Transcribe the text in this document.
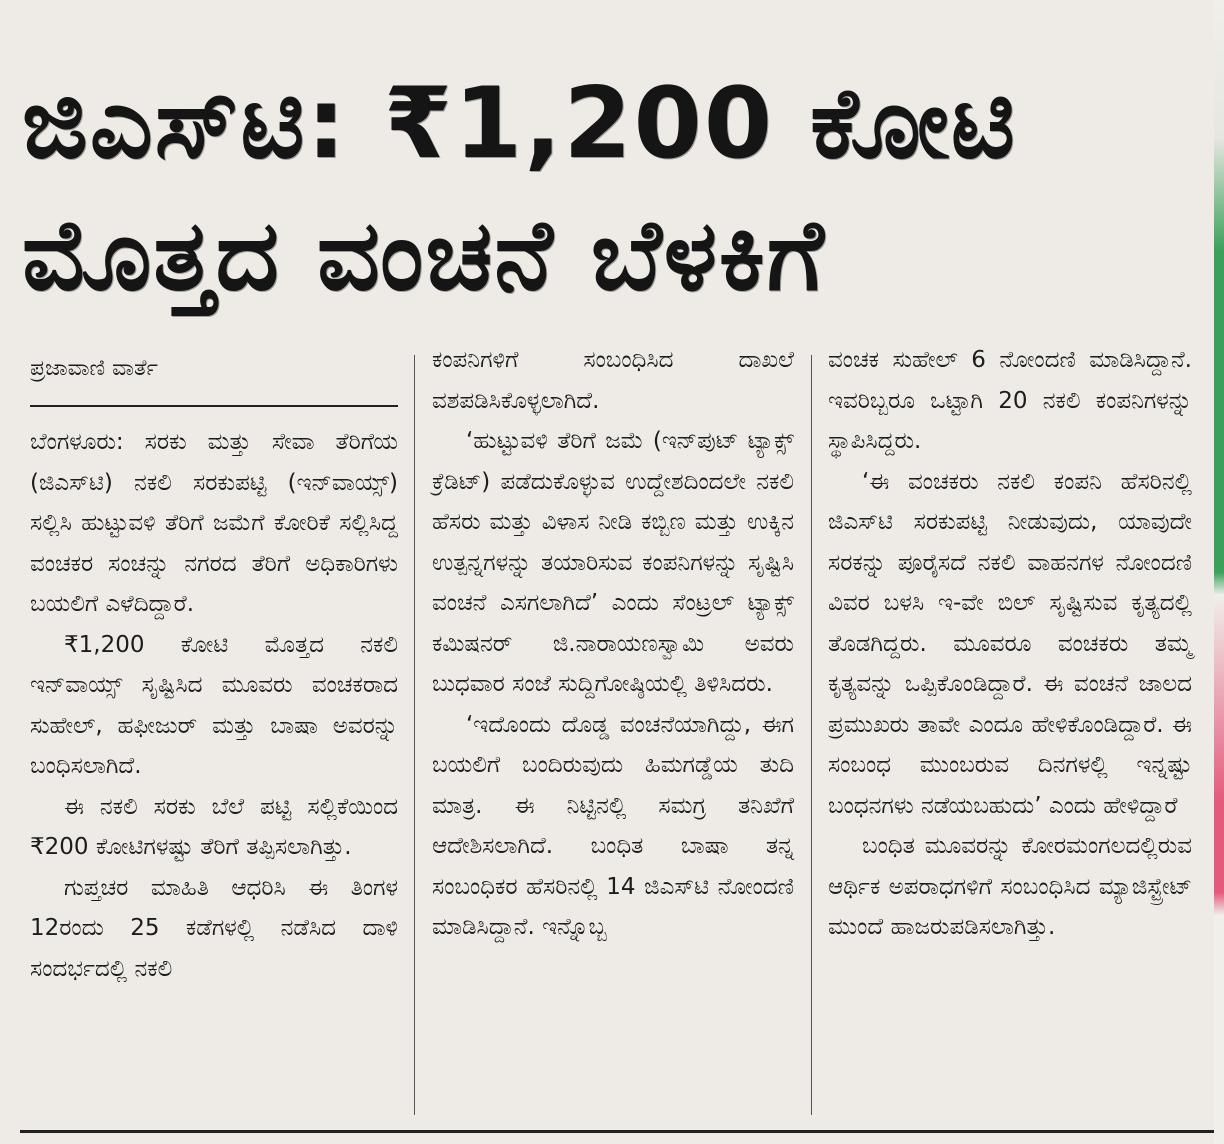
ಜಿಎಸ್‌ಟಿ: ₹1,200 ಕೋಟಿ
ಮೊತ್ತದ ವಂಚನೆ ಬೆಳಕಿಗೆ
ಪ್ರಜಾವಾಣಿ ವಾರ್ತೆ

ಬೆಂಗಳೂರು: ಸರಕು ಮತ್ತು ಸೇವಾ ತೆರಿಗೆಯ (ಜಿಎಸ್‌ಟಿ) ನಕಲಿ ಸರಕುಪಟ್ಟಿ (ಇನ್‌ವಾಯ್ಸ್) ಸಲ್ಲಿಸಿ ಹುಟ್ಟುವಳಿ ತೆರಿಗೆ ಜಮೆಗೆ ಕೋರಿಕೆ ಸಲ್ಲಿಸಿದ್ದ ವಂಚಕರ ಸಂಚನ್ನು ನಗರದ ತೆರಿಗೆ ಅಧಿಕಾರಿಗಳು ಬಯಲಿಗೆ ಎಳೆದಿದ್ದಾರೆ.

₹1,200 ಕೋಟಿ ಮೊತ್ತದ ನಕಲಿ ಇನ್‌ವಾಯ್ಸ್ ಸೃಷ್ಟಿಸಿದ ಮೂವರು ವಂಚಕರಾದ ಸುಹೇಲ್, ಹಫೀಜುರ್ ಮತ್ತು ಬಾಷಾ ಅವರನ್ನು ಬಂಧಿಸಲಾಗಿದೆ.

ಈ ನಕಲಿ ಸರಕು ಬೆಲೆ ಪಟ್ಟಿ ಸಲ್ಲಿಕೆಯಿಂದ ₹200 ಕೋಟಿಗಳಷ್ಟು ತೆರಿಗೆ ತಪ್ಪಿಸಲಾಗಿತ್ತು.

ಗುಪ್ತಚರ ಮಾಹಿತಿ ಆಧರಿಸಿ ಈ ತಿಂಗಳ 12ರಂದು 25 ಕಡೆಗಳಲ್ಲಿ ನಡೆಸಿದ ದಾಳಿ ಸಂದರ್ಭದಲ್ಲಿ ನಕಲಿ

ಕಂಪನಿಗಳಿಗೆ ಸಂಬಂಧಿಸಿದ ದಾಖಲೆ ವಶಪಡಿಸಿಕೊಳ್ಳಲಾಗಿದೆ.

‘ಹುಟ್ಟುವಳಿ ತೆರಿಗೆ ಜಮೆ (ಇನ್‌ಪುಟ್ ಟ್ಯಾಕ್ಸ್ ಕ್ರೆಡಿಟ್) ಪಡೆದುಕೊಳ್ಳುವ ಉದ್ದೇಶದಿಂದಲೇ ನಕಲಿ ಹೆಸರು ಮತ್ತು ವಿಳಾಸ ನೀಡಿ ಕಬ್ಬಿಣ ಮತ್ತು ಉಕ್ಕಿನ ಉತ್ಪನ್ನಗಳನ್ನು ತಯಾರಿಸುವ ಕಂಪನಿಗಳನ್ನು ಸೃಷ್ಟಿಸಿ ವಂಚನೆ ಎಸಗಲಾಗಿದೆ’ ಎಂದು ಸೆಂಟ್ರಲ್ ಟ್ಯಾಕ್ಸ್ ಕಮಿಷನರ್ ಜಿ.ನಾರಾಯಣಸ್ವಾಮಿ ಅವರು ಬುಧವಾರ ಸಂಜೆ ಸುದ್ದಿಗೋಷ್ಠಿಯಲ್ಲಿ ತಿಳಿಸಿದರು.

‘ಇದೊಂದು ದೊಡ್ಡ ವಂಚನೆಯಾಗಿದ್ದು, ಈಗ ಬಯಲಿಗೆ ಬಂದಿರುವುದು ಹಿಮಗಡ್ಡೆಯ ತುದಿ ಮಾತ್ರ. ಈ ನಿಟ್ಟಿನಲ್ಲಿ ಸಮಗ್ರ ತನಿಖೆಗೆ ಆದೇಶಿಸಲಾಗಿದೆ. ಬಂಧಿತ ಬಾಷಾ ತನ್ನ ಸಂಬಂಧಿಕರ ಹೆಸರಿನಲ್ಲಿ 14 ಜಿಎಸ್‌ಟಿ ನೋಂದಣಿ ಮಾಡಿಸಿದ್ದಾನೆ. ಇನ್ನೊಬ್ಬ

ವಂಚಕ ಸುಹೇಲ್ 6 ನೋಂದಣಿ ಮಾಡಿಸಿದ್ದಾನೆ. ಇವರಿಬ್ಬರೂ ಒಟ್ಟಾಗಿ 20 ನಕಲಿ ಕಂಪನಿಗಳನ್ನು ಸ್ಥಾಪಿಸಿದ್ದರು.

‘ಈ ವಂಚಕರು ನಕಲಿ ಕಂಪನಿ ಹೆಸರಿನಲ್ಲಿ ಜಿಎಸ್‌ಟಿ ಸರಕುಪಟ್ಟಿ ನೀಡುವುದು, ಯಾವುದೇ ಸರಕನ್ನು ಪೂರೈಸದೆ ನಕಲಿ ವಾಹನಗಳ ನೋಂದಣಿ ವಿವರ ಬಳಸಿ ಇ-ವೇ ಬಿಲ್ ಸೃಷ್ಟಿಸುವ ಕೃತ್ಯದಲ್ಲಿ ತೊಡಗಿದ್ದರು. ಮೂವರೂ ವಂಚಕರು ತಮ್ಮ ಕೃತ್ಯವನ್ನು ಒಪ್ಪಿಕೊಂಡಿದ್ದಾರೆ. ಈ ವಂಚನೆ ಜಾಲದ ಪ್ರಮುಖರು ತಾವೇ ಎಂದೂ ಹೇಳಿಕೊಂಡಿದ್ದಾರೆ. ಈ ಸಂಬಂಧ ಮುಂಬರುವ ದಿನಗಳಲ್ಲಿ ಇನ್ನಷ್ಟು ಬಂಧನಗಳು ನಡೆಯಬಹುದು’ ಎಂದು ಹೇಳಿದ್ದಾರೆ

ಬಂಧಿತ ಮೂವರನ್ನು ಕೋರಮಂಗಲದಲ್ಲಿರುವ ಆರ್ಥಿಕ ಅಪರಾಧಗಳಿಗೆ ಸಂಬಂಧಿಸಿದ ಮ್ಯಾಜಿಸ್ಟ್ರೇಟ್ ಮುಂದೆ ಹಾಜರುಪಡಿಸಲಾಗಿತ್ತು.
